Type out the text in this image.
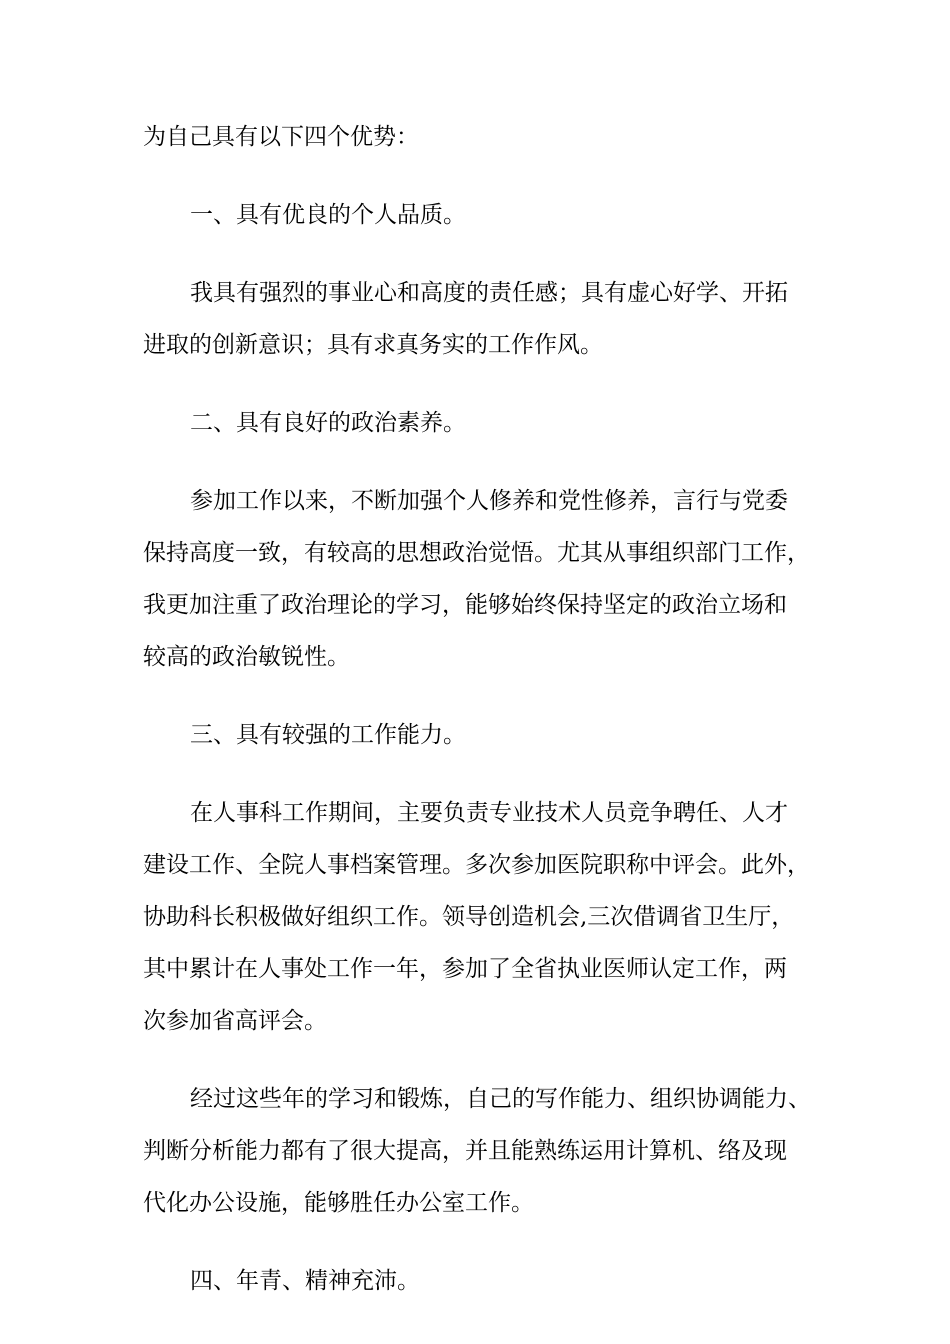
为自己具有以下四个优势：

一、具有优良的个人品质。

我具有强烈的事业心和高度的责任感；具有虚心好学、开拓
进取的创新意识；具有求真务实的工作作风。

二、具有良好的政治素养。

参加工作以来，不断加强个人修养和党性修养，言行与党委
保持高度一致，有较高的思想政治觉悟。尤其从事组织部门工作，
我更加注重了政治理论的学习，能够始终保持坚定的政治立场和
较高的政治敏锐性。

三、具有较强的工作能力。

在人事科工作期间，主要负责专业技术人员竞争聘任、人才
建设工作、全院人事档案管理。多次参加医院职称中评会。此外，
协助科长积极做好组织工作。领导创造机会,三次借调省卫生厅，
其中累计在人事处工作一年，参加了全省执业医师认定工作，两
次参加省高评会。

经过这些年的学习和锻炼，自己的写作能力、组织协调能力、
判断分析能力都有了很大提高，并且能熟练运用计算机、络及现
代化办公设施，能够胜任办公室工作。

四、年青、精神充沛。
